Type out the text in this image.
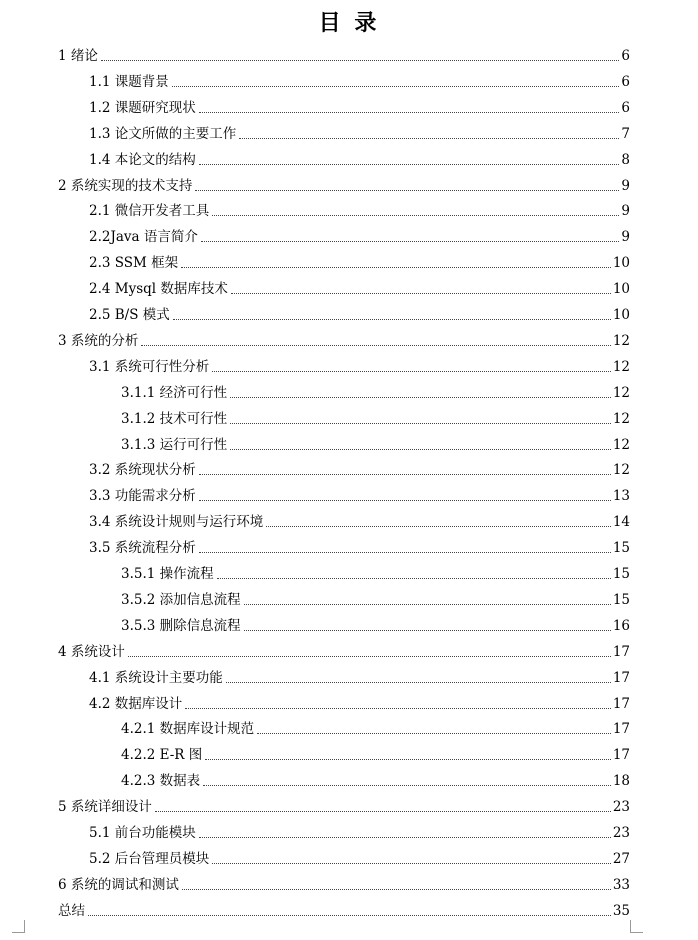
目 录
1 绪论	6
1.1 课题背景	6
1.2 课题研究现状	6
1.3 论文所做的主要工作	7
1.4 本论文的结构	8
2 系统实现的技术支持	9
2.1 微信开发者工具	9
2.2Java 语言简介	9
2.3 SSM 框架	10
2.4 Mysql 数据库技术	10
2.5 B/S 模式	10
3 系统的分析	12
3.1 系统可行性分析	12
3.1.1 经济可行性	12
3.1.2 技术可行性	12
3.1.3 运行可行性	12
3.2 系统现状分析	12
3.3 功能需求分析	13
3.4 系统设计规则与运行环境	14
3.5 系统流程分析	15
3.5.1 操作流程	15
3.5.2 添加信息流程	15
3.5.3 删除信息流程	16
4 系统设计	17
4.1 系统设计主要功能	17
4.2 数据库设计	17
4.2.1 数据库设计规范	17
4.2.2 E-R 图	17
4.2.3 数据表	18
5 系统详细设计	23
5.1 前台功能模块	23
5.2 后台管理员模块	27
6 系统的调试和测试	33
总结	35
